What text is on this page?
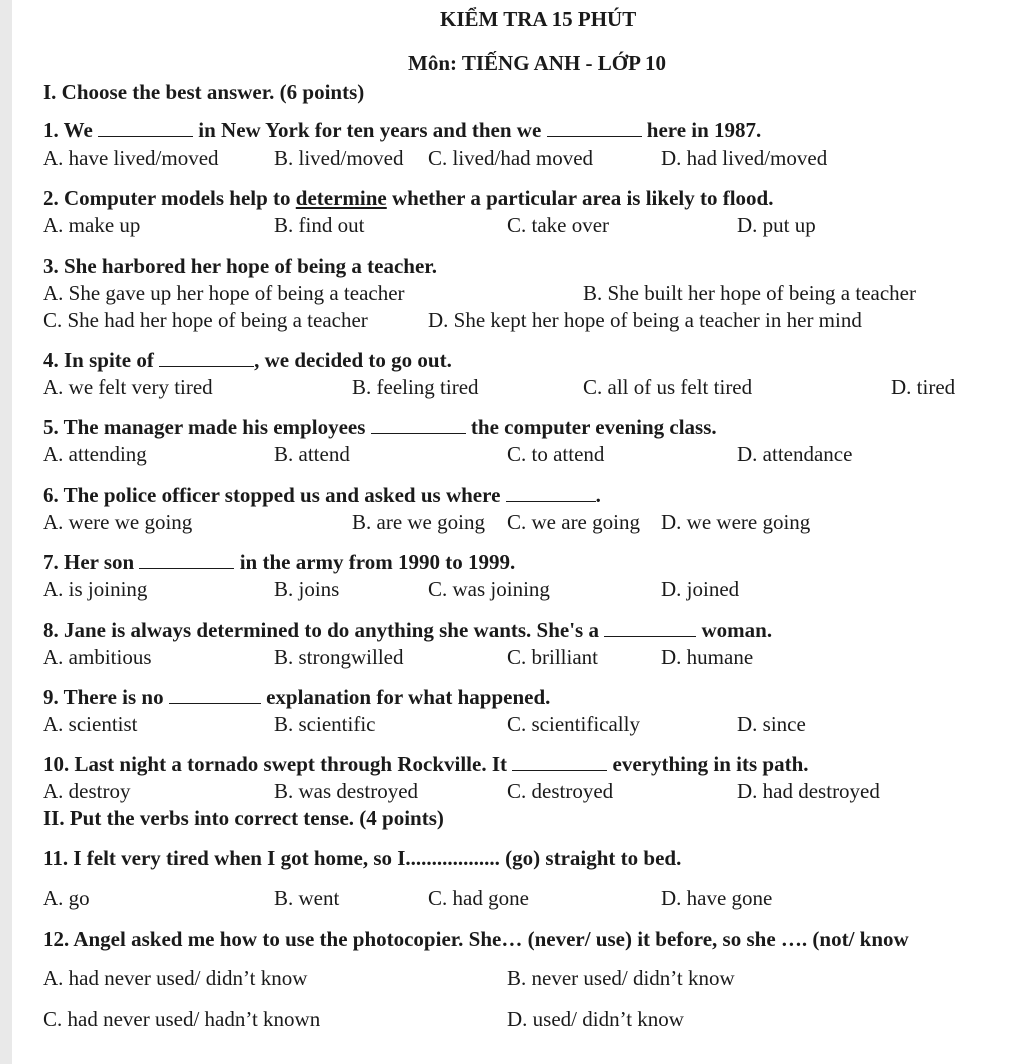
KIỂM TRA 15 PHÚT
Môn: TIẾNG ANH - LỚP 10
I. Choose the best answer. (6 points)
1. We	in New York for ten years and then we	here in 1987.
A. have lived/moved	B. lived/moved C. lived/had moved	D. had lived/moved
2. Computer models help to determine whether a particular area is likely to flood.
A. make up	B. find out	C. take over	D. put up
3. She harbored her hope of being a teacher.
A. She gave up her hope of being a teacher	B. She built her hope of being a teacher
C. She had her hope of being a teacher	D. She kept her hope of being a teacher in her mind
4. In spite of	, we decided to go out.
A. we felt very tired	B. feeling tired	C. all of us felt tired	D. tired
5. The manager made his employees	the computer evening class.
A. attending	B. attend	C. to attend	D. attendance
6. The police officer stopped us and asked us where	.
A. were we going	B. are we going C. we are going D. we were going
7. Her son	in the army from 1990 to 1999.
A. is joining	B. joins	C. was joining	D. joined
8. Jane is always determined to do anything she wants. She's a	woman.
A. ambitious	B. strongwilled	C. brilliant	D. humane
9. There is no	explanation for what happened.
A. scientist	B. scientific	C. scientifically	D. since
10. Last night a tornado swept through Rockville. It	everything in its path.
A. destroy	B. was destroyed	C. destroyed	D. had destroyed
II. Put the verbs into correct tense. (4 points)
11. I felt very tired when I got home, so I.................. (go) straight to bed.
A. go	B. went	C. had gone	D. have gone
12. Angel asked me how to use the photocopier. She… (never/ use) it before, so she …. (not/ know
A. had never used/ didn’t know	B. never used/ didn’t know
C. had never used/ hadn’t known	D. used/ didn’t know
